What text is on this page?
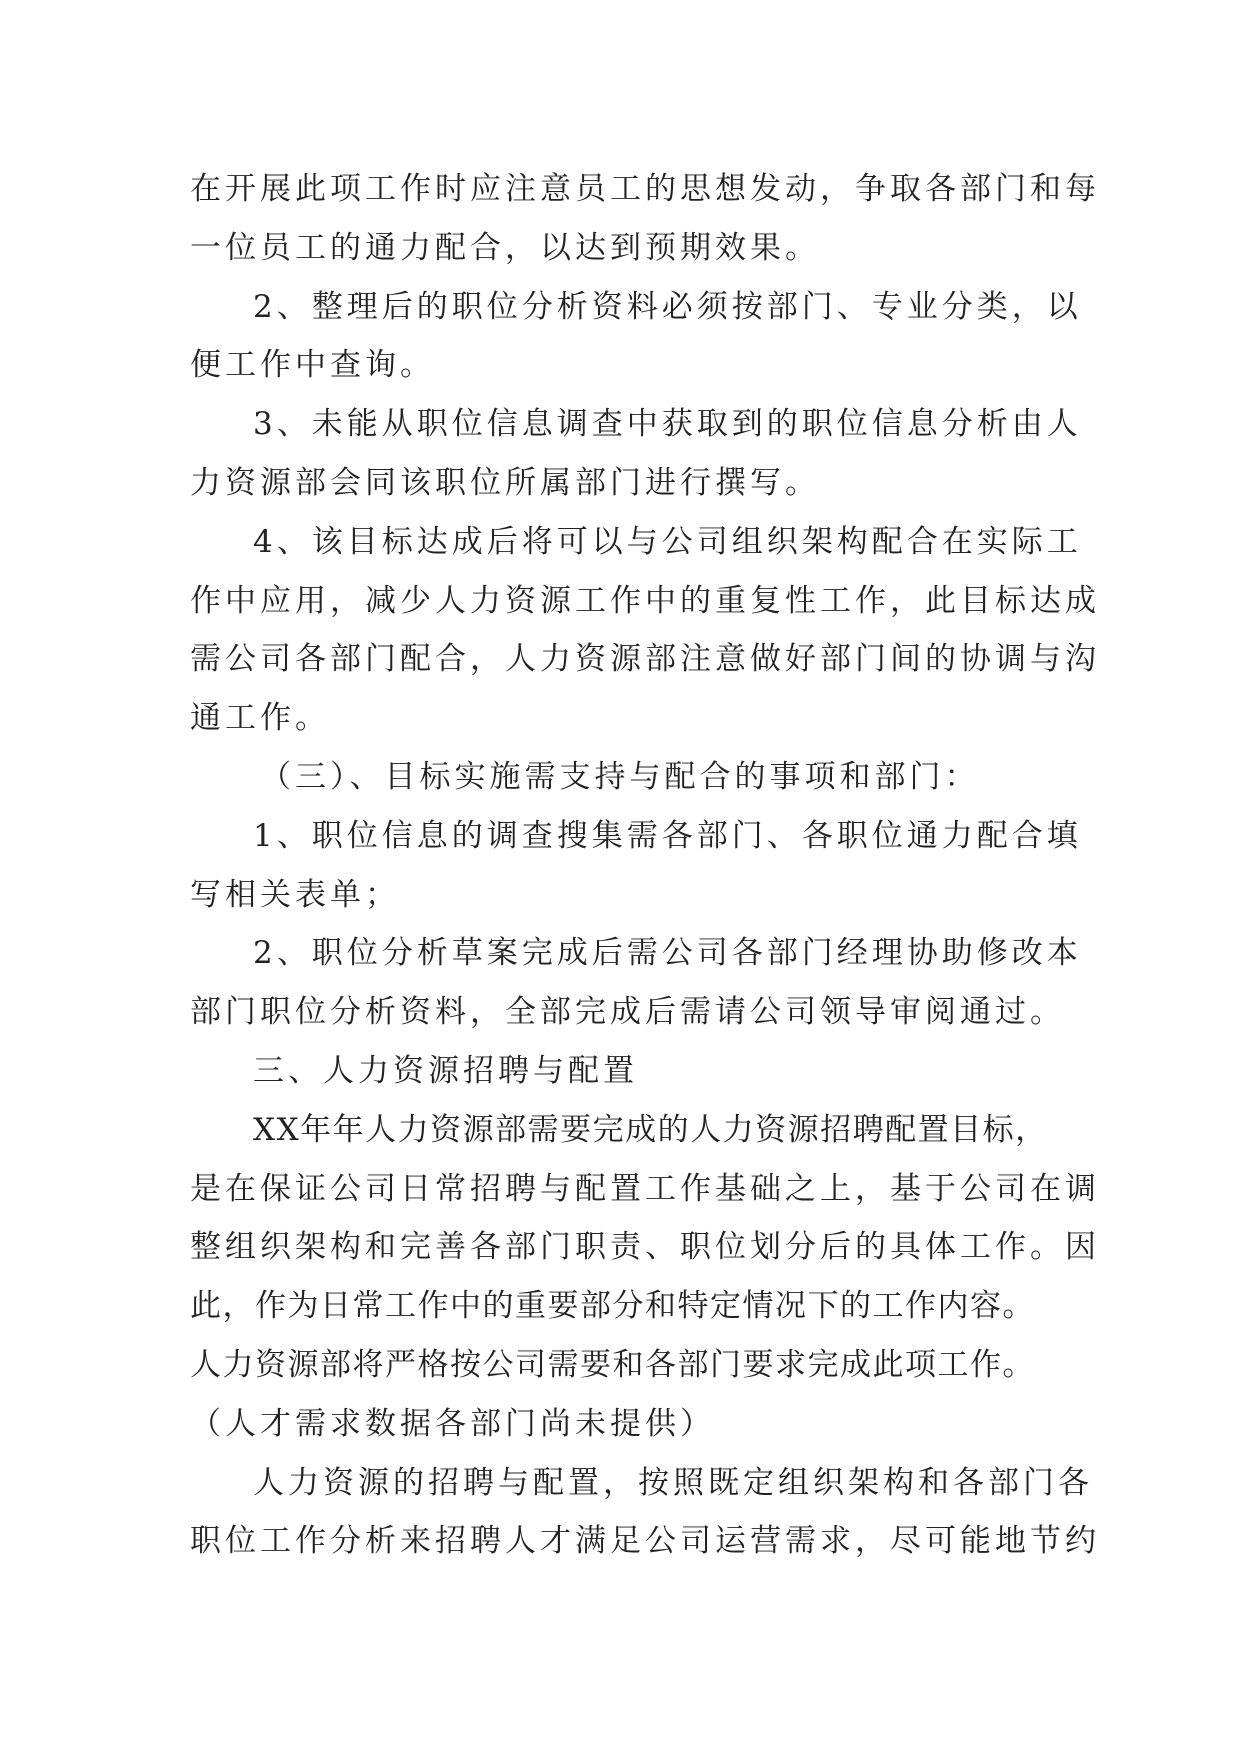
在开展此项工作时应注意员工的思想发动，争取各部门和每
一位员工的通力配合，以达到预期效果。
2、整理后的职位分析资料必须按部门、专业分类，以
便工作中查询。
3、未能从职位信息调查中获取到的职位信息分析由人
力资源部会同该职位所属部门进行撰写。
4、该目标达成后将可以与公司组织架构配合在实际工
作中应用，减少人力资源工作中的重复性工作，此目标达成
需公司各部门配合，人力资源部注意做好部门间的协调与沟
通工作。
（三）、目标实施需支持与配合的事项和部门：
1、职位信息的调查搜集需各部门、各职位通力配合填
写相关表单；
2、职位分析草案完成后需公司各部门经理协助修改本
部门职位分析资料，全部完成后需请公司领导审阅通过。
三、人力资源招聘与配置
XX年年人力资源部需要完成的人力资源招聘配置目标，
是在保证公司日常招聘与配置工作基础之上，基于公司在调
整组织架构和完善各部门职责、职位划分后的具体工作。因
此，作为日常工作中的重要部分和特定情况下的工作内容。
人力资源部将严格按公司需要和各部门要求完成此项工作。
（人才需求数据各部门尚未提供）
人力资源的招聘与配置，按照既定组织架构和各部门各
职位工作分析来招聘人才满足公司运营需求，尽可能地节约
